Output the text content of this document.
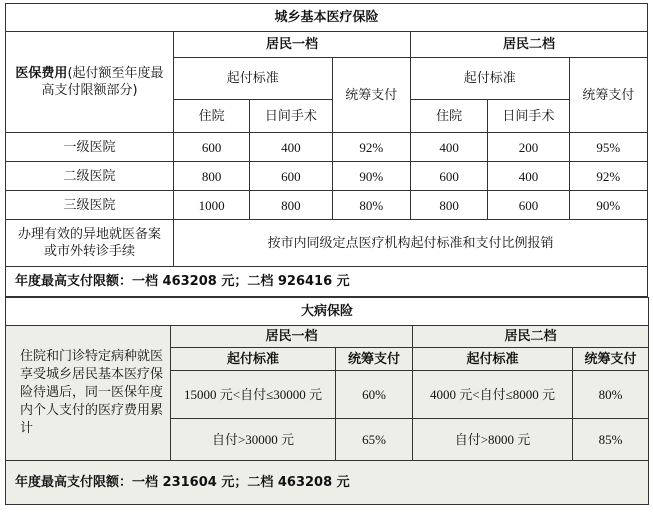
城乡基本医疗保险						
医保费用(起付额至年度最高支付限额部分)	居民一档			居民二档		
	起付标准		统筹支付	起付标准		统筹支付
	住院	日间手术		住院	日间手术	
一级医院	600	400	92%	400	200	95%
二级医院	800	600	90%	600	400	92%
三级医院	1000	800	80%	800	600	90%
办理有效的异地就医备案或市外转诊手续	按市内同级定点医疗机构起付标准和支付比例报销					
年度最高支付限额：一档 463208 元；二档 926416 元						
大病保险				
住院和门诊特定病种就医享受城乡居民基本医疗保险待遇后，同一医保年度内个人支付的医疗费用累计	居民一档		居民二档	
	起付标准	统筹支付	起付标准	统筹支付
	15000 元<自付≤30000 元	60%	4000 元<自付≤8000 元	80%
	自付>30000 元	65%	自付>8000 元	85%
年度最高支付限额：一档 231604 元；二档 463208 元				
